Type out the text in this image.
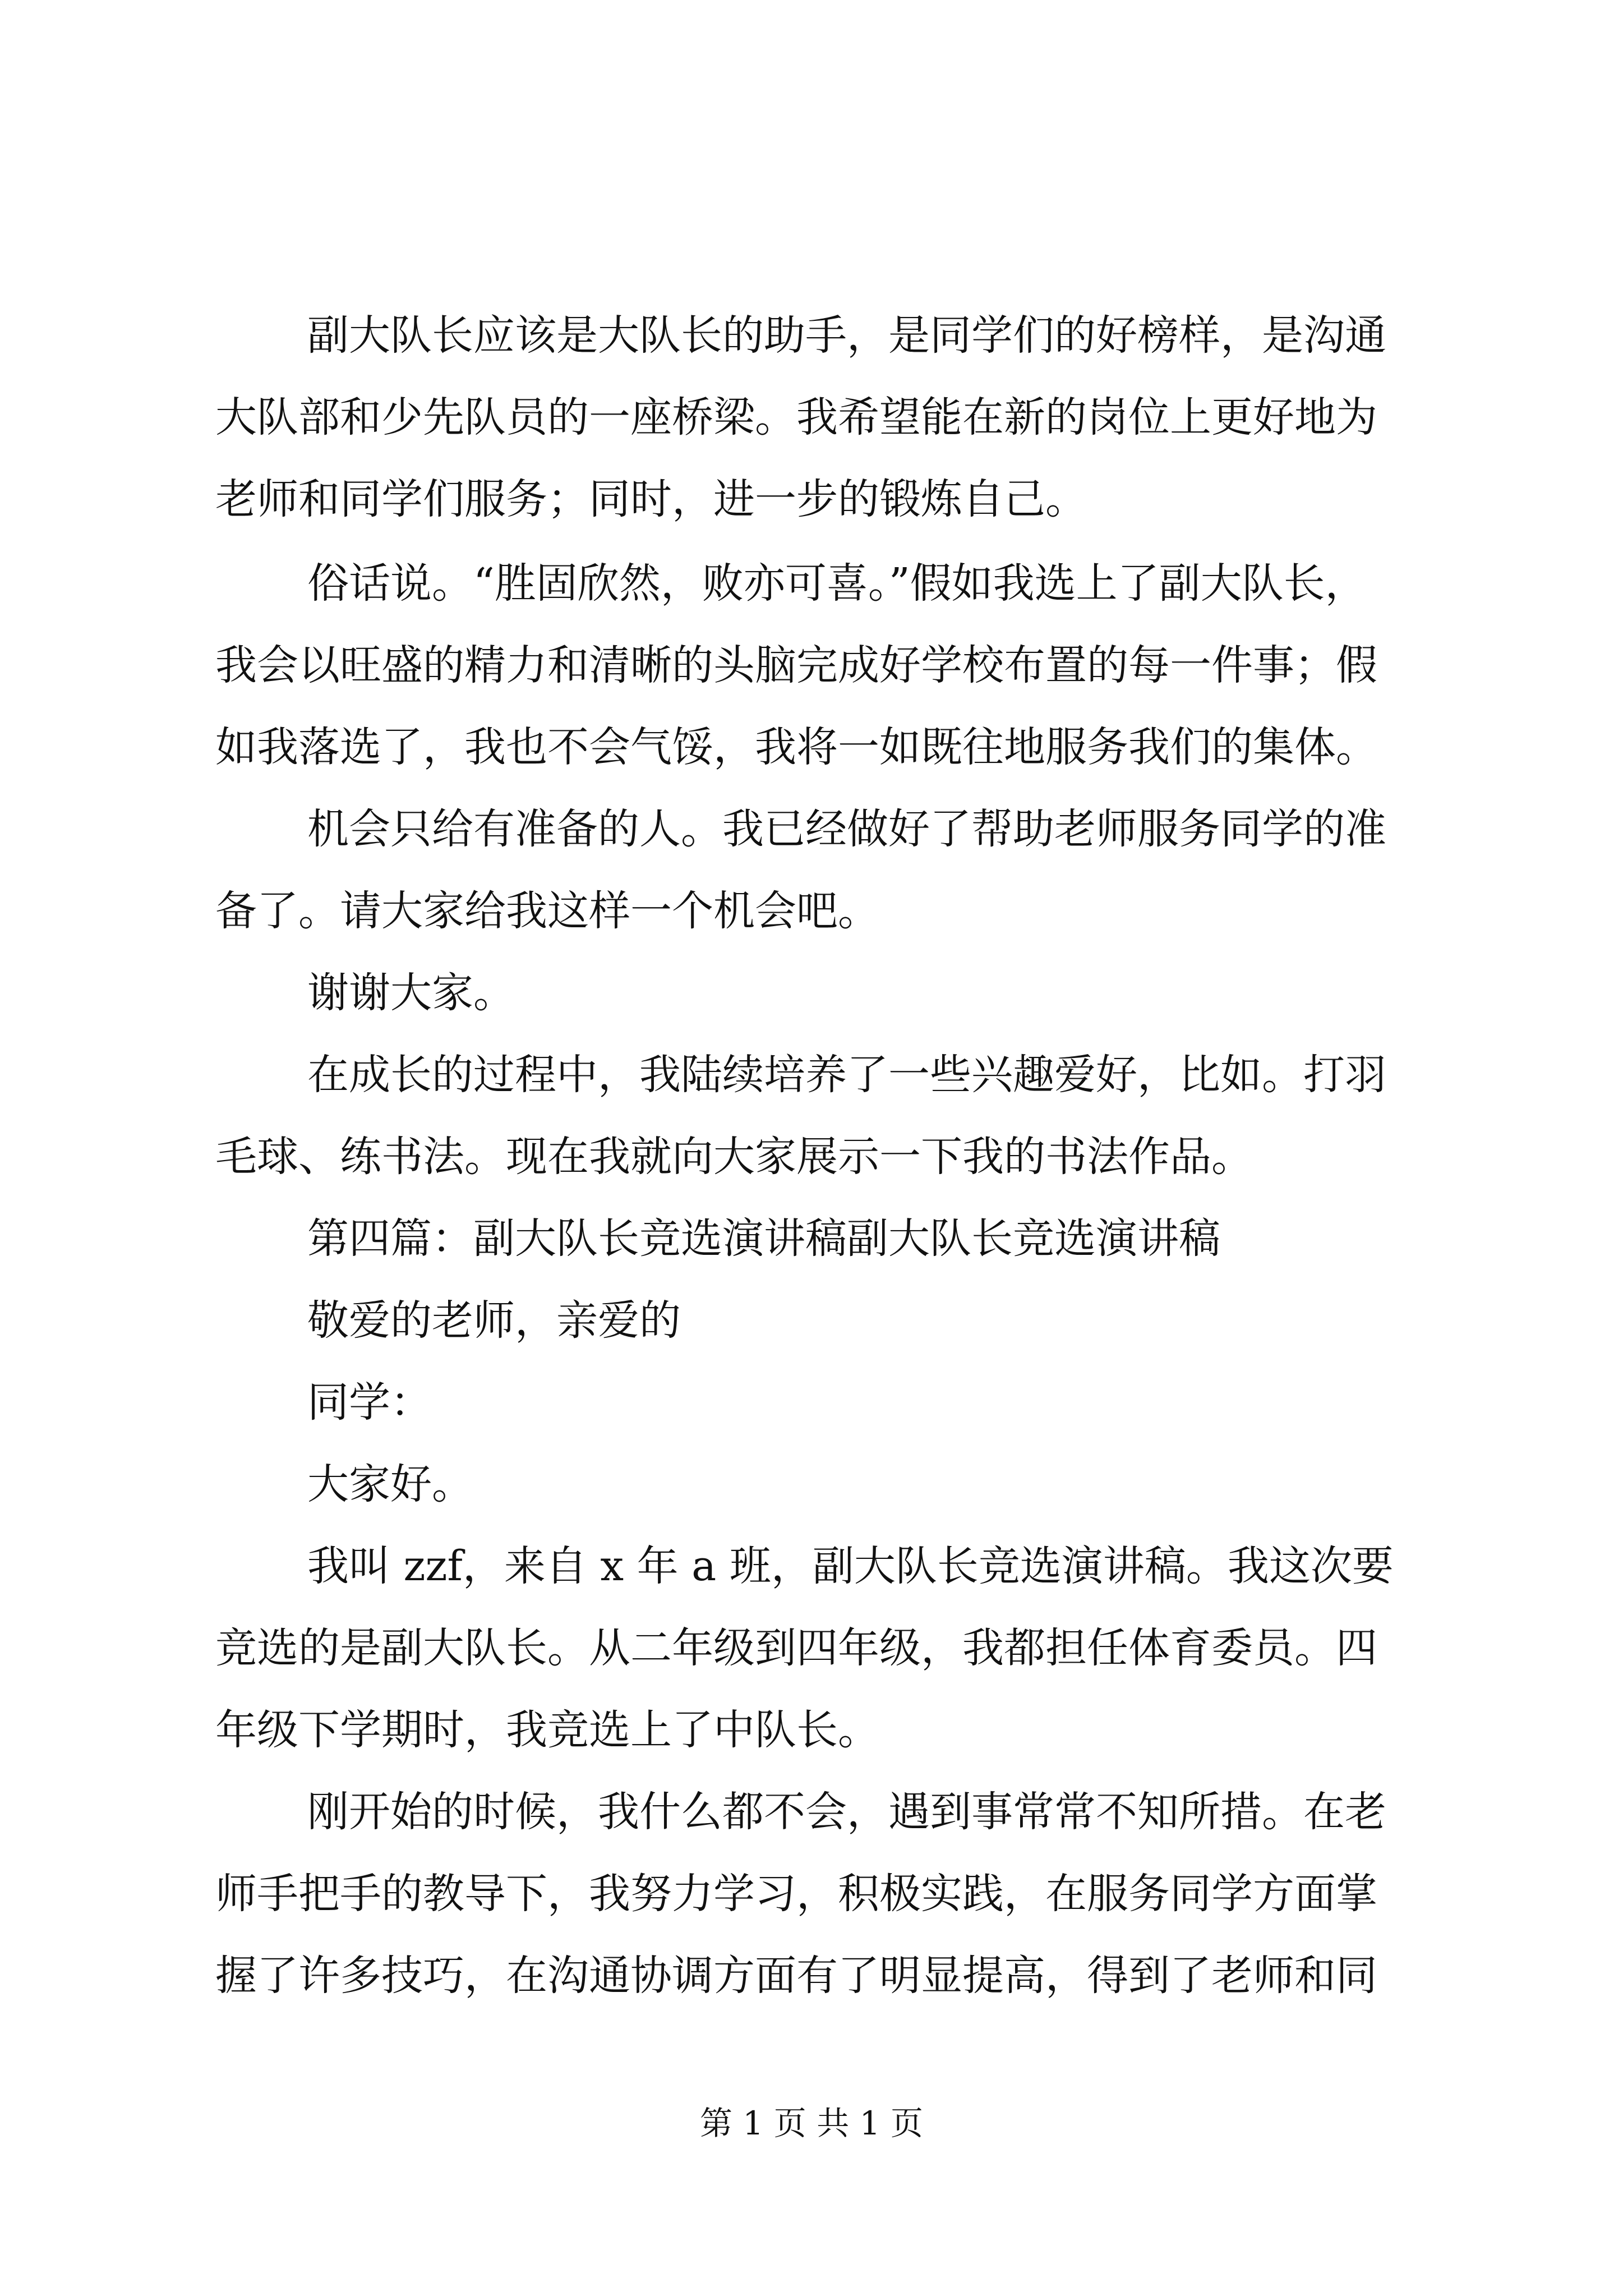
副大队长应该是大队长的助手，是同学们的好榜样，是沟通
大队部和少先队员的一座桥梁。我希望能在新的岗位上更好地为
老师和同学们服务；同时，进一步的锻炼自己。
俗话说。“胜固欣然，败亦可喜。”假如我选上了副大队长，
我会以旺盛的精力和清晰的头脑完成好学校布置的每一件事；假
如我落选了，我也不会气馁，我将一如既往地服务我们的集体。
机会只给有准备的人。我已经做好了帮助老师服务同学的准
备了。请大家给我这样一个机会吧。
谢谢大家。
在成长的过程中，我陆续培养了一些兴趣爱好，比如。打羽
毛球、练书法。现在我就向大家展示一下我的书法作品。
第四篇：副大队长竞选演讲稿副大队长竞选演讲稿
敬爱的老师，亲爱的
同学：
大家好。
我叫 zzf，来自 x 年 a 班，副大队长竞选演讲稿。我这次要
竞选的是副大队长。从二年级到四年级，我都担任体育委员。四
年级下学期时，我竞选上了中队长。
刚开始的时候，我什么都不会，遇到事常常不知所措。在老
师手把手的教导下，我努力学习，积极实践，在服务同学方面掌
握了许多技巧，在沟通协调方面有了明显提高，得到了老师和同
第 1 页 共 1 页
